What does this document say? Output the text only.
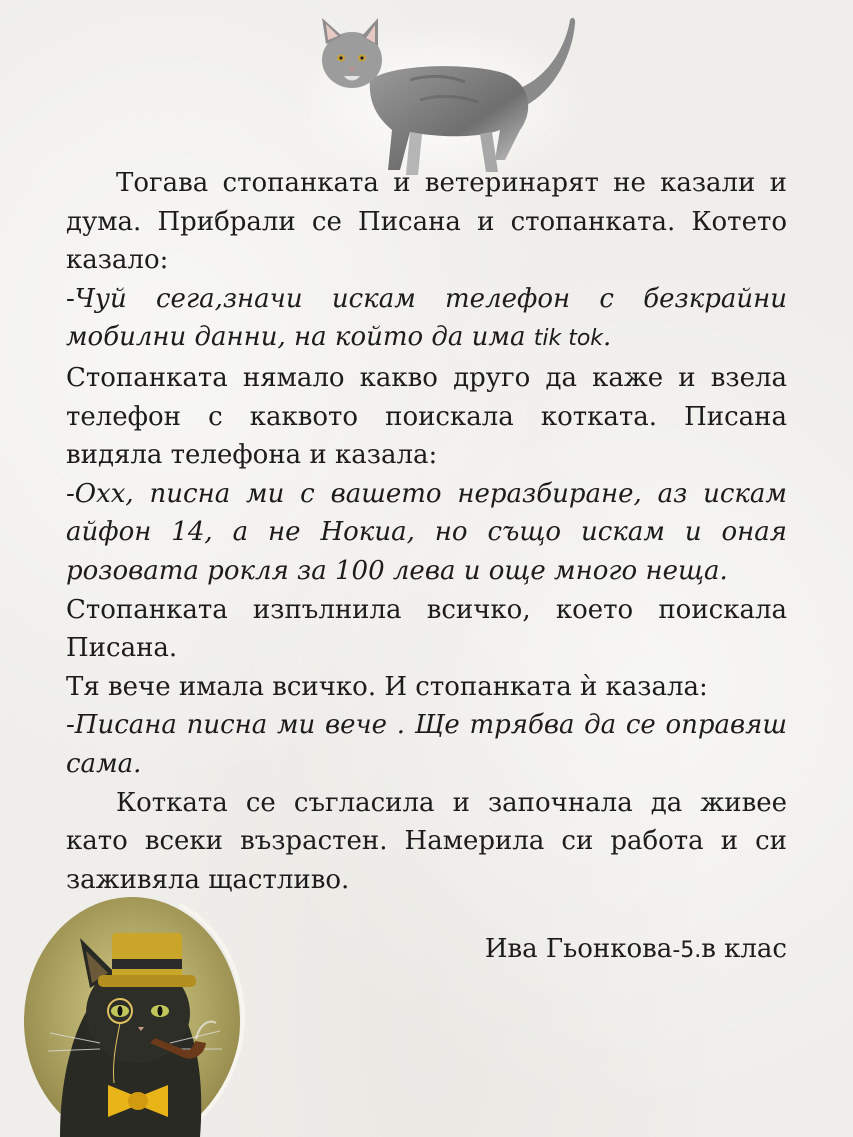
Тогава стопанката и ветеринарят не казали и дума. Прибрали се Писана и стопанката. Котето казало:

-Чуй сега,значи искам телефон с безкрайни мобилни данни, на който да има tik tok.

Стопанката нямало какво друго да каже и взела телефон с каквото поискала котката. Писана видяла телефона и казала:

-Охх, писна ми с вашето неразбиране, аз искам айфон 14, а не Нокиа, но също искам и оная розовата рокля за 100 лева и още много неща.

Стопанката изпълнила всичко, което поискала Писана.

Тя вече имала всичко. И стопанката ѝ казала:

-Писана писна ми вече . Ще трябва да се оправяш сама.

Котката се съгласила и започнала да живее като всеки възрастен. Намерила си работа и си заживяла щастливо.

Ива Гьонкова-5.в клас
